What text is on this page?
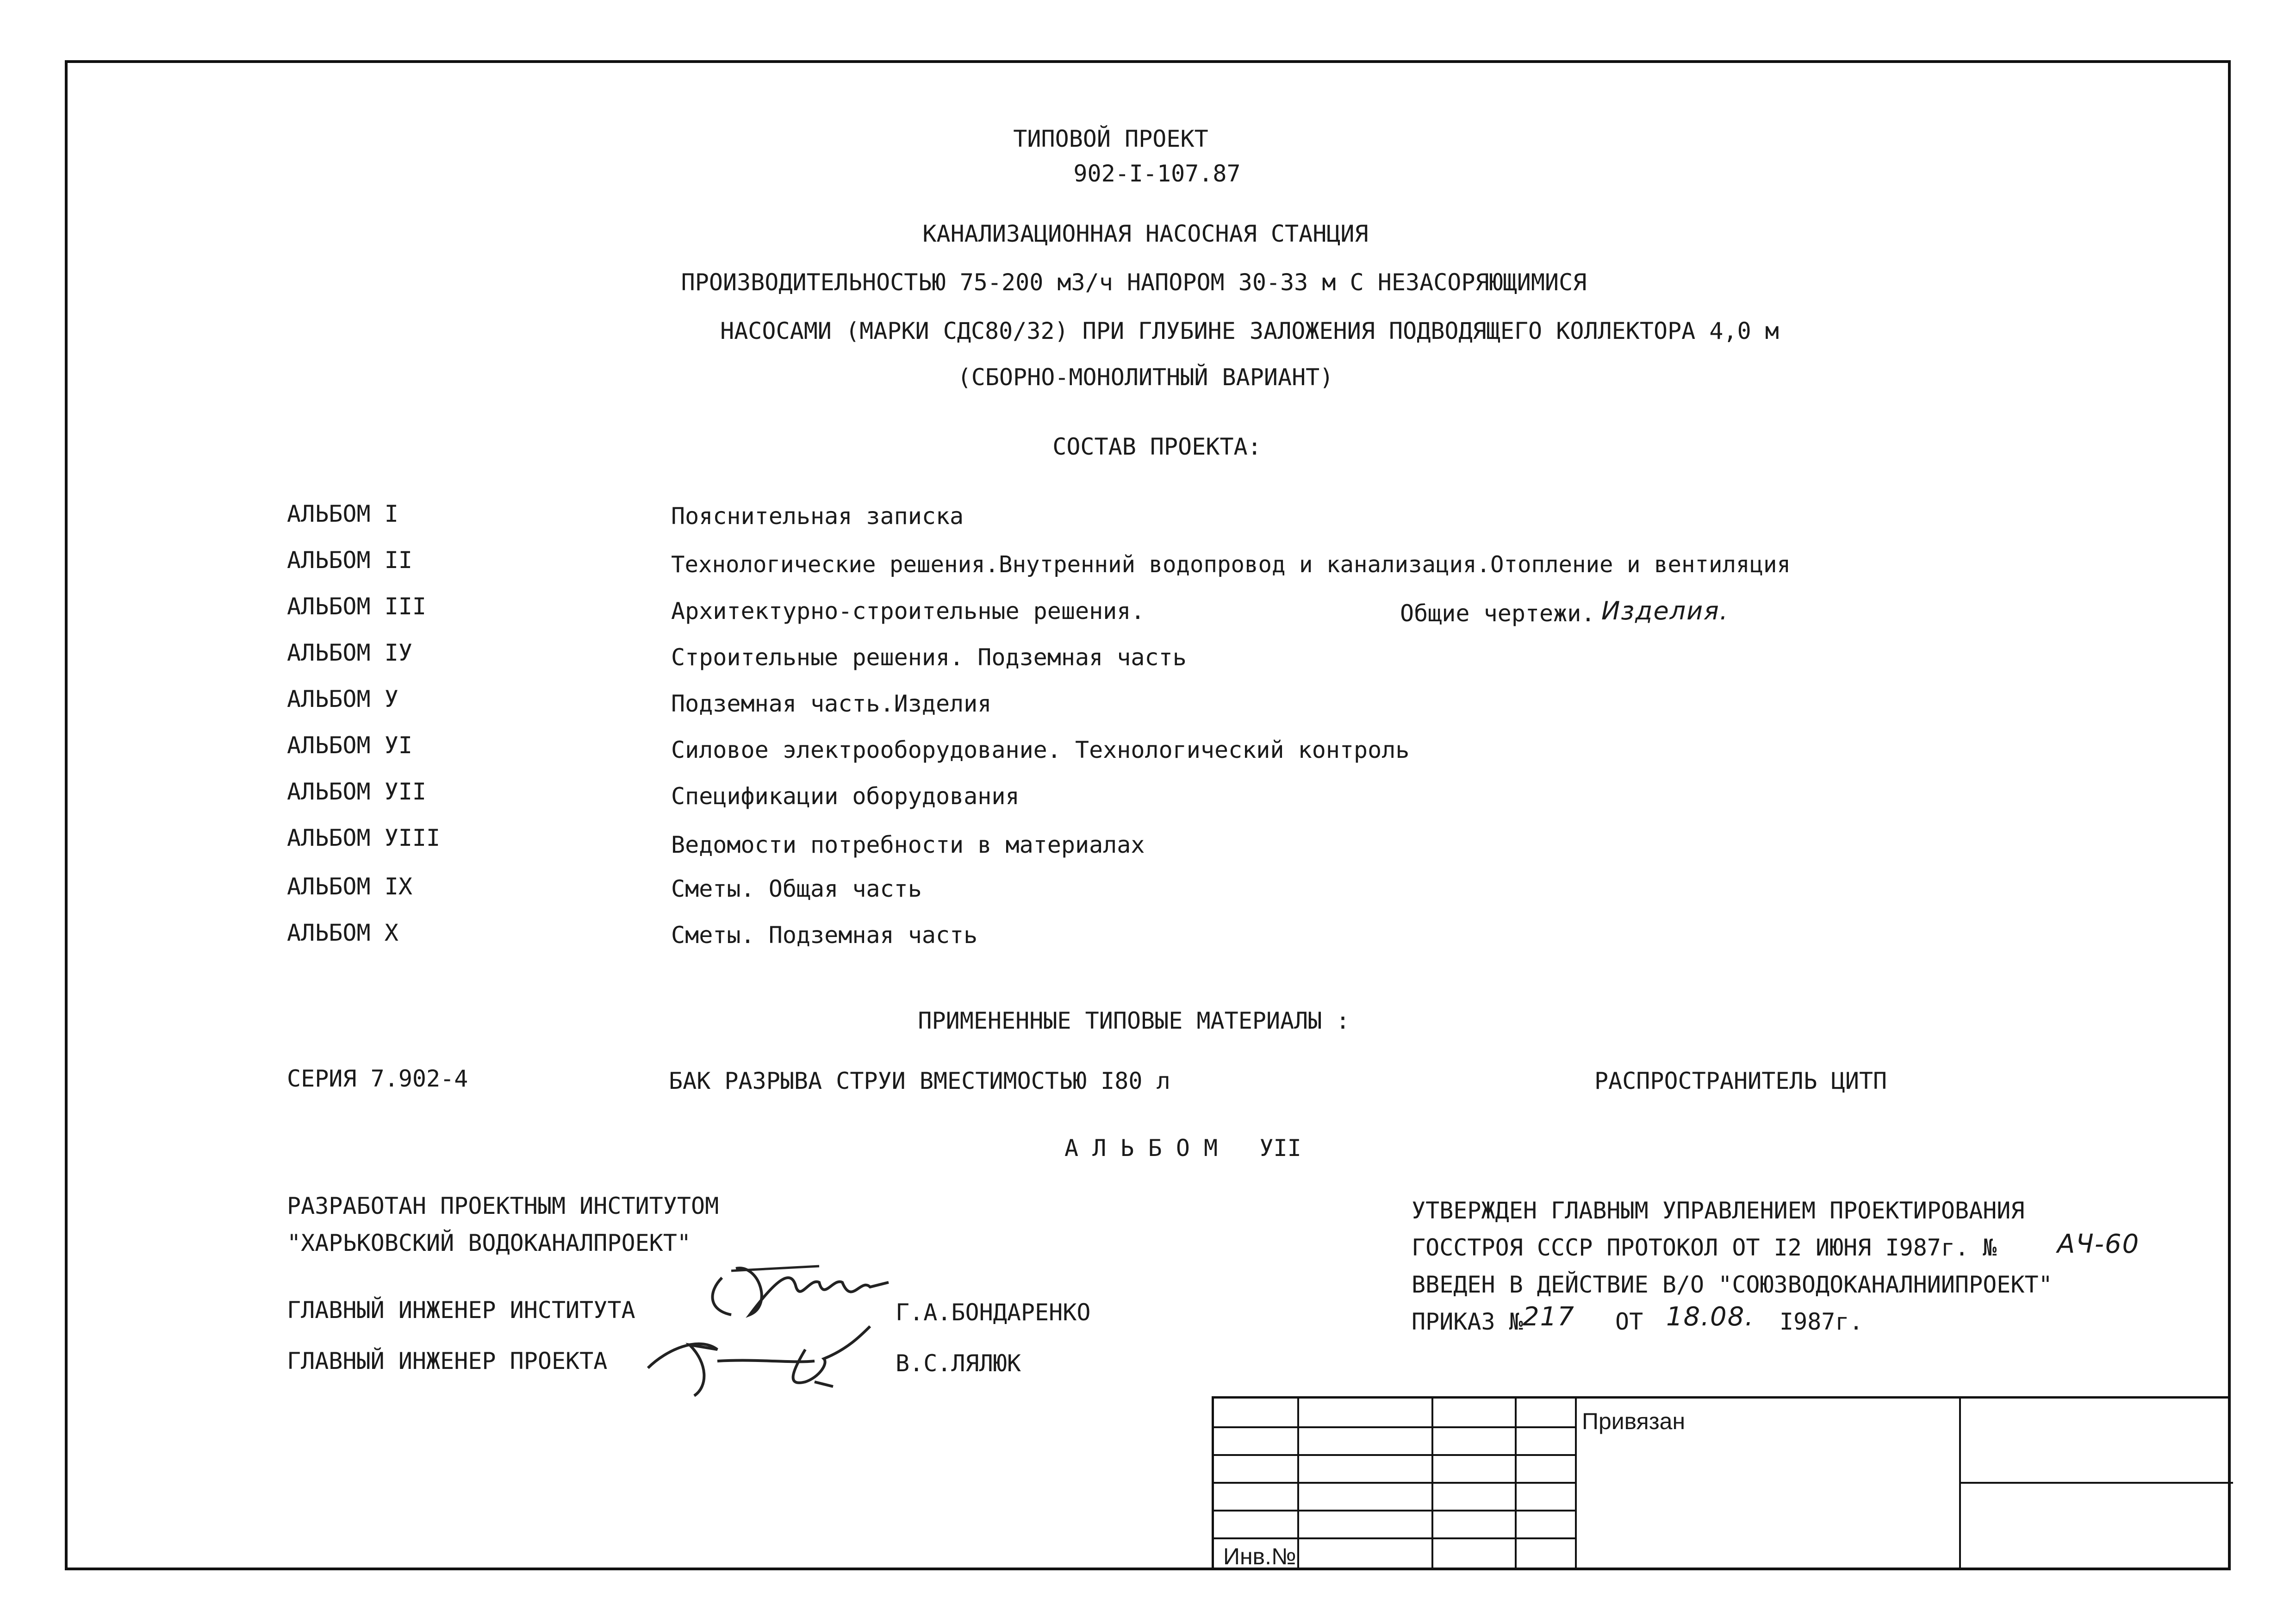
ТИПОВОЙ ПРОЕКТ
902-I-107.87
КАНАЛИЗАЦИОННАЯ НАСОСНАЯ СТАНЦИЯ
ПРОИЗВОДИТЕЛЬНОСТЬЮ 75-200 м3/ч НАПОРОМ 30-33 м С НЕЗАСОРЯЮЩИМИСЯ
НАСОСАМИ (МАРКИ СДС80/32) ПРИ ГЛУБИНЕ ЗАЛОЖЕНИЯ ПОДВОДЯЩЕГО КОЛЛЕКТОРА 4,0 м
(СБОРНО-МОНОЛИТНЫЙ ВАРИАНТ)
СОСТАВ ПРОЕКТА:
АЛЬБОМ I	Пояснительная записка
АЛЬБОМ II	Технологические решения.Внутренний водопровод и канализация.Отопление и вентиляция
АЛЬБОМ III	Архитектурно-строительные решения.	Общие чертежи. Изделия.
АЛЬБОМ IУ	Строительные решения. Подземная часть
АЛЬБОМ У	Подземная часть.Изделия
АЛЬБОМ УI	Силовое электрооборудование. Технологический контроль
АЛЬБОМ УII	Спецификации оборудования
АЛЬБОМ УIII	Ведомости потребности в материалах
АЛЬБОМ IX	Сметы. Общая часть
АЛЬБОМ X	Сметы. Подземная часть
ПРИМЕНЕННЫЕ ТИПОВЫЕ МАТЕРИАЛЫ :
СЕРИЯ 7.902-4	БАК РАЗРЫВА СТРУИ ВМЕСТИМОСТЬЮ I80 л	РАСПРОСТРАНИТЕЛЬ ЦИТП
А Л Ь Б О М   УII
РАЗРАБОТАН ПРОЕКТНЫМ ИНСТИТУТОМ
"ХАРЬКОВСКИЙ ВОДОКАНАЛПРОЕКТ"
ГЛАВНЫЙ ИНЖЕНЕР ИНСТИТУТА	Г.А.БОНДАРЕНКО
ГЛАВНЫЙ ИНЖЕНЕР ПРОЕКТА	В.С.ЛЯЛЮК
УТВЕРЖДЕН ГЛАВНЫМ УПРАВЛЕНИЕМ ПРОЕКТИРОВАНИЯ
ГОССТРОЯ СССР ПРОТОКОЛ ОТ I2 ИЮНЯ I987г. № АЧ-60
ВВЕДЕН В ДЕЙСТВИЕ В/О "СОЮЗВОДОКАНАЛНИИПРОЕКТ"
ПРИКАЗ № 217 ОТ 18.08. I987г.
Привязан
Инв.№
